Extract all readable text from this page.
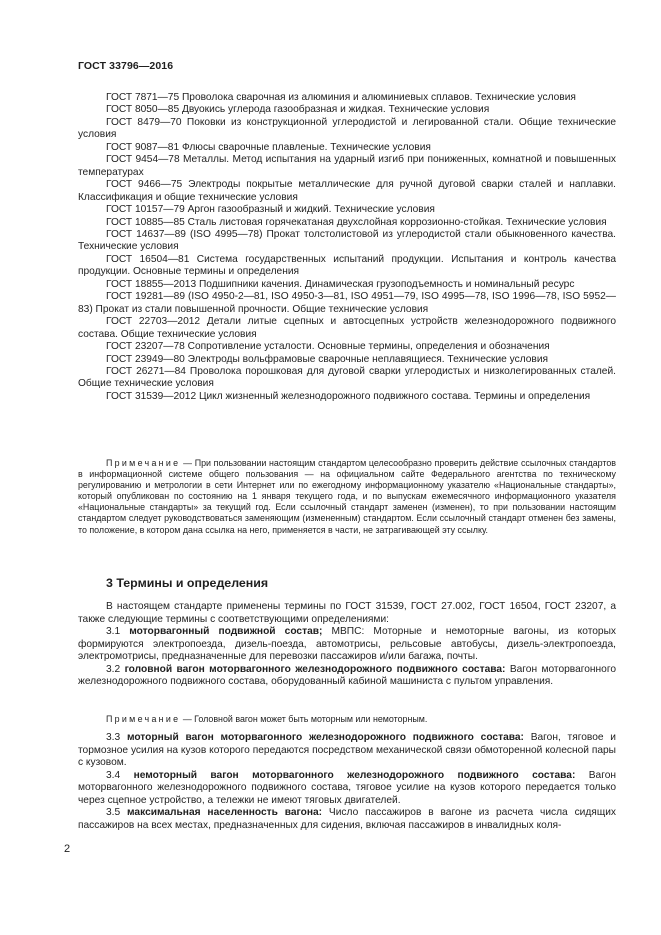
ГОСТ 33796—2016

ГОСТ 7871—75 Проволока сварочная из алюминия и алюминиевых сплавов. Технические условия

ГОСТ 8050—85 Двуокись углерода газообразная и жидкая. Технические условия

ГОСТ 8479—70 Поковки из конструкционной углеродистой и легированной стали. Общие технические условия

ГОСТ 9087—81 Флюсы сварочные плавленые. Технические условия

ГОСТ 9454—78 Металлы. Метод испытания на ударный изгиб при пониженных, комнатной и повышенных температурах

ГОСТ 9466—75 Электроды покрытые металлические для ручной дуговой сварки сталей и наплавки. Классификация и общие технические условия

ГОСТ 10157—79 Аргон газообразный и жидкий. Технические условия

ГОСТ 10885—85 Сталь листовая горячекатаная двухслойная коррозионно-стойкая. Технические условия

ГОСТ 14637—89 (ISO 4995—78) Прокат толстолистовой из углеродистой стали обыкновенного качества. Технические условия

ГОСТ 16504—81 Система государственных испытаний продукции. Испытания и контроль качества продукции. Основные термины и определения

ГОСТ 18855—2013 Подшипники качения. Динамическая грузоподъемность и номинальный ресурс

ГОСТ 19281—89 (ISO 4950-2—81, ISO 4950-3—81, ISO 4951—79, ISO 4995—78, ISO 1996—78, ISO 5952—83) Прокат из стали повышенной прочности. Общие технические условия

ГОСТ 22703—2012 Детали литые сцепных и автосцепных устройств железнодорожного подвижного состава. Общие технические условия

ГОСТ 23207—78 Сопротивление усталости. Основные термины, определения и обозначения

ГОСТ 23949—80 Электроды вольфрамовые сварочные неплавящиеся. Технические условия

ГОСТ 26271—84 Проволока порошковая для дуговой сварки углеродистых и низколегированных сталей. Общие технические условия

ГОСТ 31539—2012 Цикл жизненный железнодорожного подвижного состава. Термины и определения

Примечание — При пользовании настоящим стандартом целесообразно проверить действие ссылочных стандартов в информационной системе общего пользования — на официальном сайте Федерального агентства по техническому регулированию и метрологии в сети Интернет или по ежегодному информационному указателю «Национальные стандарты», который опубликован по состоянию на 1 января текущего года, и по выпускам ежемесячного информационного указателя «Национальные стандарты» за текущий год. Если ссылочный стандарт заменен (изменен), то при пользовании настоящим стандартом следует руководствоваться заменяющим (измененным) стандартом. Если ссылочный стандарт отменен без замены, то положение, в котором дана ссылка на него, применяется в части, не затрагивающей эту ссылку.

3 Термины и определения

В настоящем стандарте применены термины по ГОСТ 31539, ГОСТ 27.002, ГОСТ 16504, ГОСТ 23207, а также следующие термины с соответствующими определениями:

3.1 моторвагонный подвижной состав; МВПС: Моторные и немоторные вагоны, из которых формируются электропоезда, дизель-поезда, автомотрисы, рельсовые автобусы, дизель-электропоезда, электромотрисы, предназначенные для перевозки пассажиров и/или багажа, почты.

3.2 головной вагон моторвагонного железнодорожного подвижного состава: Вагон моторвагонного железнодорожного подвижного состава, оборудованный кабиной машиниста с пультом управления.

Примечание — Головной вагон может быть моторным или немоторным.

3.3 моторный вагон моторвагонного железнодорожного подвижного состава: Вагон, тяговое и тормозное усилия на кузов которого передаются посредством механической связи обмоторенной колесной пары с кузовом.

3.4 немоторный вагон моторвагонного железнодорожного подвижного состава: Вагон моторвагонного железнодорожного подвижного состава, тяговое усилие на кузов которого передается только через сцепное устройство, а тележки не имеют тяговых двигателей.

3.5 максимальная населенность вагона: Число пассажиров в вагоне из расчета числа сидящих пассажиров на всех местах, предназначенных для сидения, включая пассажиров в инвалидных коля-

2
